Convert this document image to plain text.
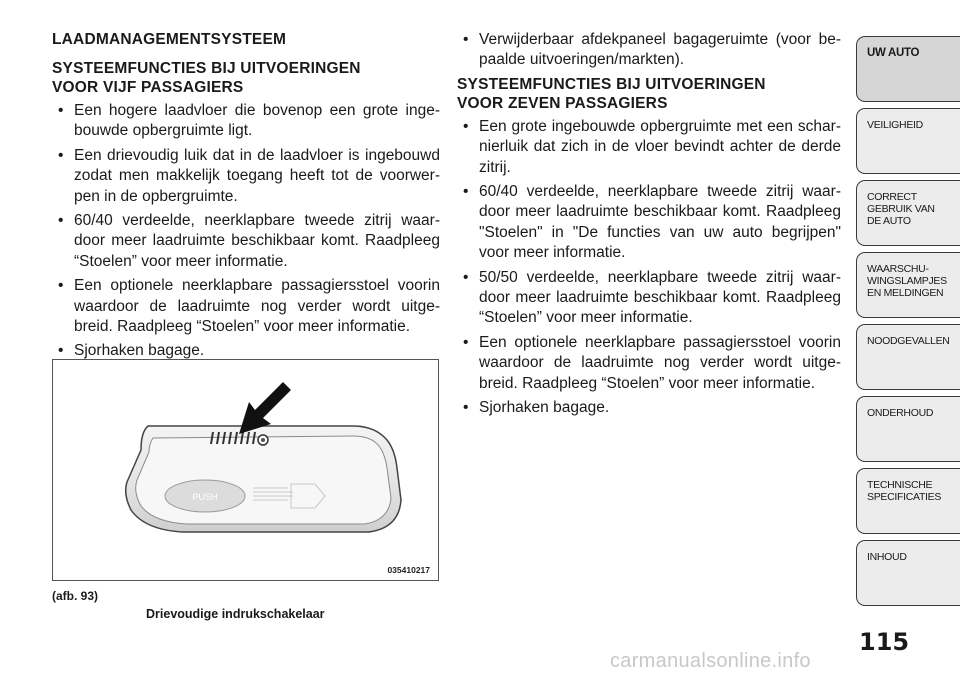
LAADMANAGEMENTSYSTEEM
SYSTEEMFUNCTIES BIJ UITVOERINGEN
VOOR VIJF PASSAGIERS
• Een hogere laadvloer die bovenop een grote inge- bouwde opbergruimte ligt.
• Een drievoudig luik dat in de laadvloer is ingebouwd zodat men makkelijk toegang heeft tot de voorwer- pen in de opbergruimte.
• 60/40 verdeelde, neerklapbare tweede zitrij waar- door meer laadruimte beschikbaar komt. Raadpleeg “Stoelen” voor meer informatie.
• Een optionele neerklapbare passagiersstoel voorin waardoor de laadruimte nog verder wordt uitge- breid. Raadpleeg “Stoelen” voor meer informatie.
• Sjorhaken bagage.
• Verwijderbaar afdekpaneel bagageruimte (voor be- paalde uitvoeringen/markten).
SYSTEEMFUNCTIES BIJ UITVOERINGEN
VOOR ZEVEN PASSAGIERS
• Een grote ingebouwde opbergruimte met een schar- nierluik dat zich in de vloer bevindt achter de derde zitrij.
• 60/40 verdeelde, neerklapbare tweede zitrij waar- door meer laadruimte beschikbaar komt. Raadpleeg "Stoelen" in "De functies van uw auto begrijpen" voor meer informatie.
• 50/50 verdeelde, neerklapbare tweede zitrij waar- door meer laadruimte beschikbaar komt. Raadpleeg “Stoelen” voor meer informatie.
• Een optionele neerklapbare passagiersstoel voorin waardoor de laadruimte nog verder wordt uitge- breid. Raadpleeg “Stoelen” voor meer informatie.
• Sjorhaken bagage.
PUSH
035410217
(afb. 93)
Drievoudige indrukschakelaar
UW AUTO
VEILIGHEID
CORRECT
GEBRUIK VAN
DE AUTO
WAARSCHU-
WINGSLAMPJES
EN MELDINGEN
NOODGEVALLEN
ONDERHOUD
TECHNISCHE
SPECIFICATIES
INHOUD
115
carmanualsonline.info
